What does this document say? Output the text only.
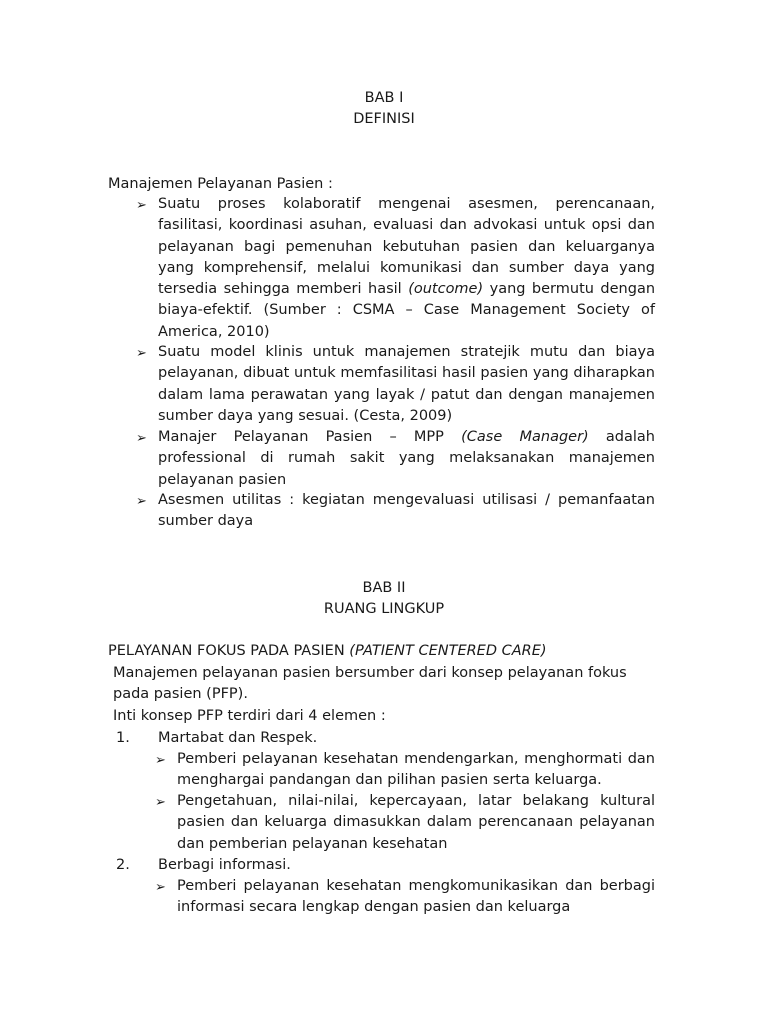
BAB I
DEFINISI
Manajemen Pelayanan Pasien :
➢ Suatu proses kolaboratif mengenai asesmen, perencanaan, fasilitasi, koordinasi asuhan, evaluasi dan advokasi untuk opsi dan pelayanan bagi pemenuhan kebutuhan pasien dan keluarganya yang komprehensif, melalui komunikasi dan sumber daya yang tersedia sehingga memberi hasil (outcome) yang bermutu dengan biaya-efektif. (Sumber : CSMA – Case Management Society of America, 2010)
➢ Suatu model klinis untuk manajemen stratejik mutu dan biaya pelayanan, dibuat untuk memfasilitasi hasil pasien yang diharapkan dalam lama perawatan yang layak / patut dan dengan manajemen sumber daya yang sesuai. (Cesta, 2009)
➢ Manajer Pelayanan Pasien – MPP (Case Manager) adalah professional di rumah sakit yang melaksanakan manajemen pelayanan pasien
➢ Asesmen utilitas : kegiatan mengevaluasi utilisasi / pemanfaatan sumber daya
BAB II
RUANG LINGKUP
PELAYANAN FOKUS PADA PASIEN (PATIENT CENTERED CARE)
Manajemen pelayanan pasien bersumber dari konsep pelayanan fokus pada pasien (PFP).
Inti konsep PFP terdiri dari 4 elemen :
1. Martabat dan Respek.
➢ Pemberi pelayanan kesehatan mendengarkan, menghormati dan menghargai pandangan dan pilihan pasien serta keluarga.
➢ Pengetahuan, nilai-nilai, kepercayaan, latar belakang kultural pasien dan keluarga dimasukkan dalam perencanaan pelayanan dan pemberian pelayanan kesehatan
2. Berbagi informasi.
➢ Pemberi pelayanan kesehatan mengkomunikasikan dan berbagi informasi secara lengkap dengan pasien dan keluarga
